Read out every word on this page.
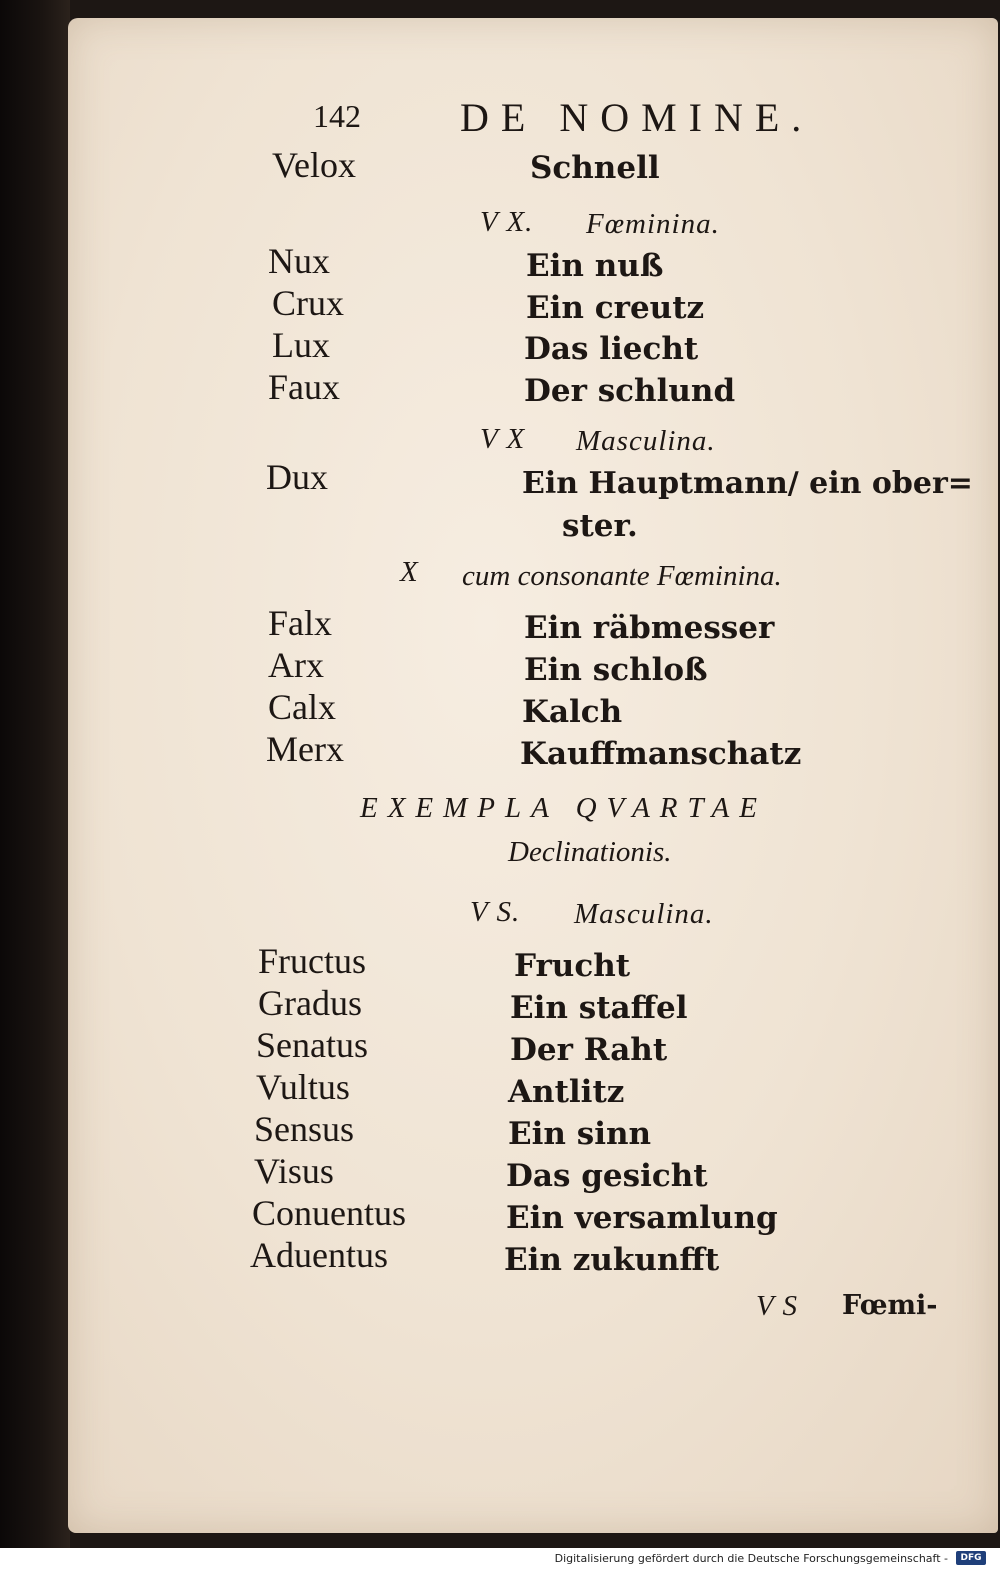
142 DE NOMINE.
Velox	Schnell
V X. Fœminina.
Nux	Ein nuß
Crux	Ein creutz
Lux	Das liecht
Faux	Der schlund
V X Masculina.
Dux	Ein Hauptmann/ ein ober=
ster.
X cum consonante Fœminina.
Falx	Ein räbmesser
Arx	Ein schloß
Calx	Kalch
Merx	Kauffmanschatz
EXEMPLA QVARTAE
Declinationis.
V S. Masculina.
Fructus	Frucht
Gradus	Ein staffel
Senatus	Der Raht
Vultus	Antlitz
Sensus	Ein sinn
Visus	Das gesicht
Conuentus	Ein versamlung
Aduentus	Ein zukunfft
V S Fœmi-
Digitalisierung gefördert durch die Deutsche Forschungsgemeinschaft -	DFG
